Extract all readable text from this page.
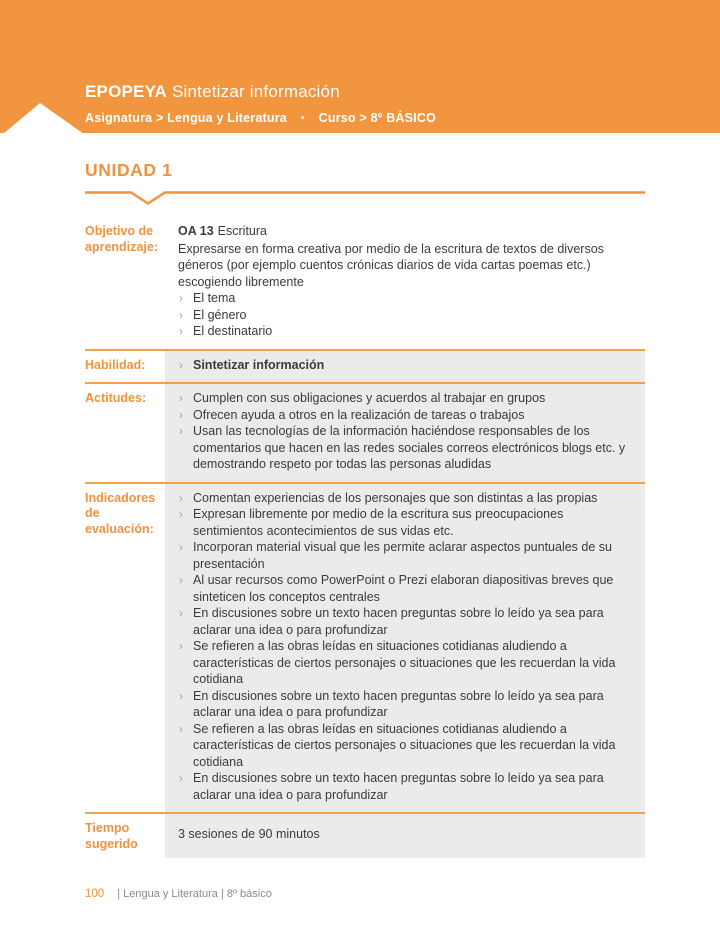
EPOPEYA Sintetizar información
Asignatura > Lengua y Literatura • Curso > 8º BÁSICO
UNIDAD 1
Objetivo de aprendizaje:

OA 13 Escritura

Expresarse en forma creativa por medio de la escritura de textos de diversos géneros (por ejemplo cuentos crónicas diarios de vida cartas poemas etc.) escogiendo libremente

› El tema
› El género
› El destinatario
Habilidad:	› Sintetizar información
Actitudes:	› Cumplen con sus obligaciones y acuerdos al trabajar en grupos
› Ofrecen ayuda a otros en la realización de tareas o trabajos
› Usan las tecnologías de la información haciéndose responsables de los comentarios que hacen en las redes sociales correos electrónicos blogs etc. y demostrando respeto por todas las personas aludidas
Indicadores de evaluación:
› Comentan experiencias de los personajes que son distintas a las propias
› Expresan libremente por medio de la escritura sus preocupaciones sentimientos acontecimientos de sus vidas etc.
› Incorporan material visual que les permite aclarar aspectos puntuales de su presentación
› Al usar recursos como PowerPoint o Prezi elaboran diapositivas breves que sinteticen los conceptos centrales
› En discusiones sobre un texto hacen preguntas sobre lo leído ya sea para aclarar una idea o para profundizar
› Se refieren a las obras leídas en situaciones cotidianas aludiendo a características de ciertos personajes o situaciones que les recuerdan la vida cotidiana
› En discusiones sobre un texto hacen preguntas sobre lo leído ya sea para aclarar una idea o para profundizar
› Se refieren a las obras leídas en situaciones cotidianas aludiendo a características de ciertos personajes o situaciones que les recuerdan la vida cotidiana
› En discusiones sobre un texto hacen preguntas sobre lo leído ya sea para aclarar una idea o para profundizar
Tiempo sugerido
3 sesiones de 90 minutos
100 | Lengua y Literatura | 8º básico
